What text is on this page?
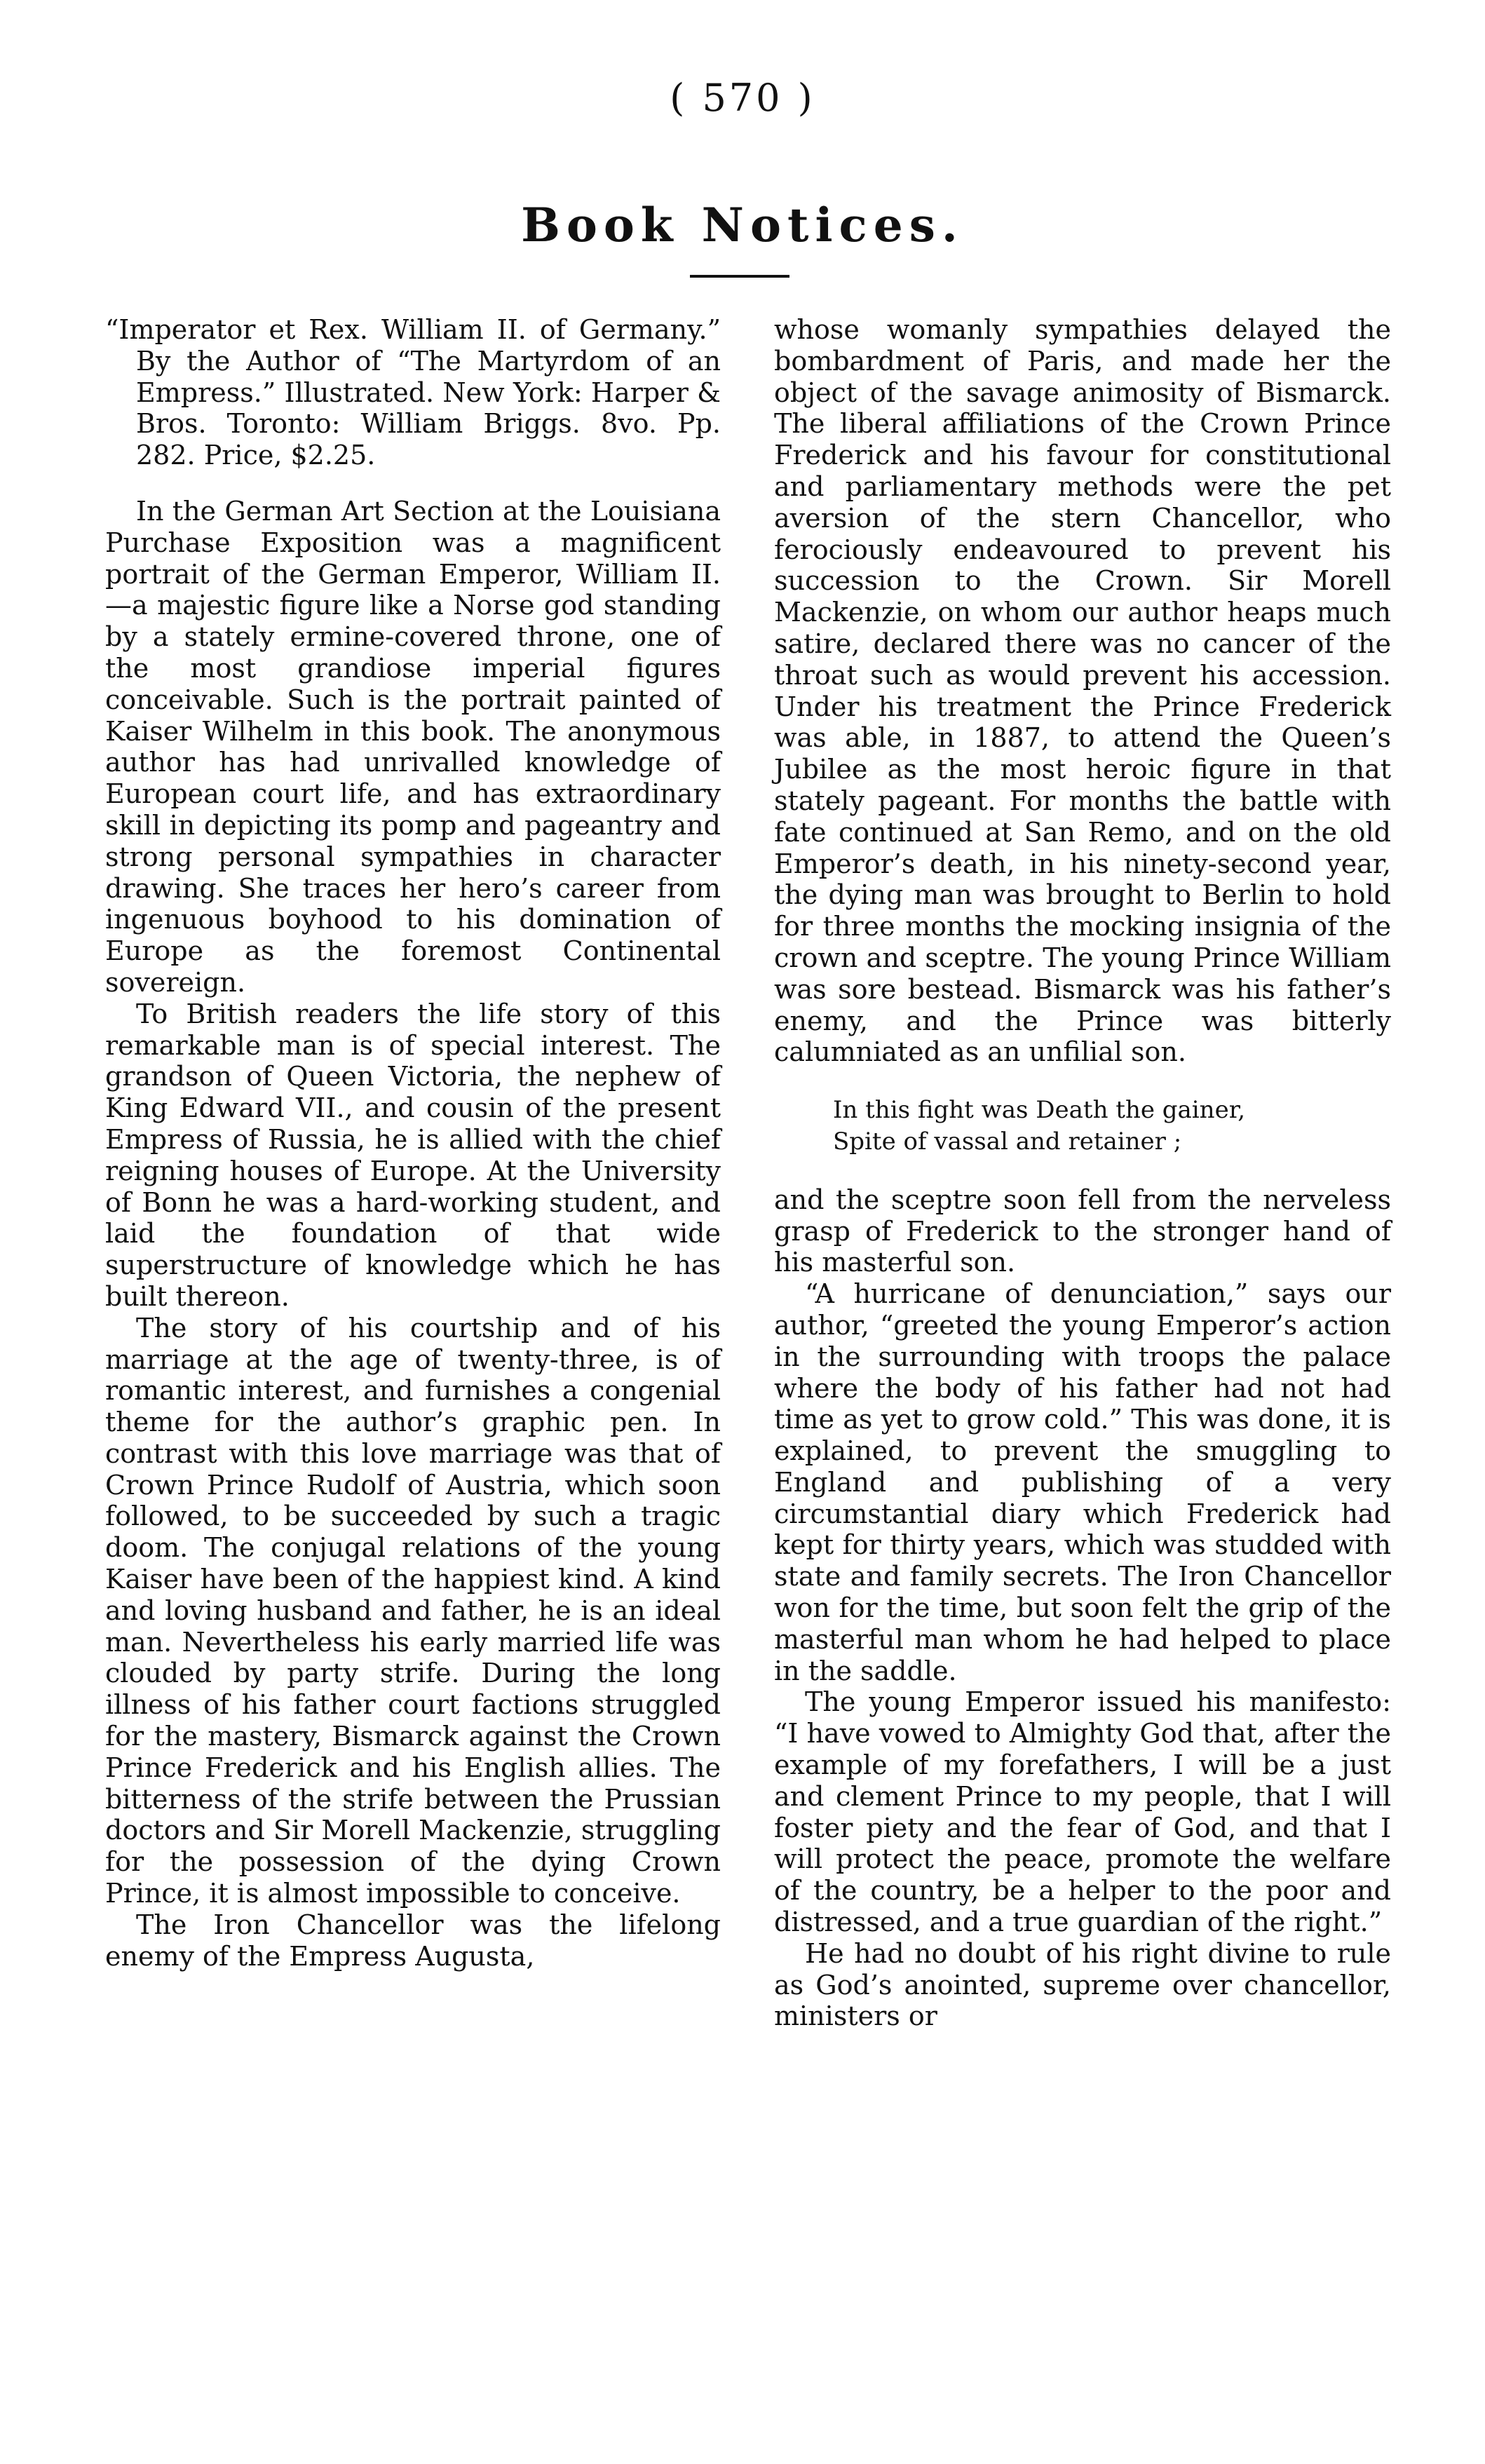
( 570 )
Book Notices.

“Imperator et Rex. William II. of Germany.” By the Author of “The Martyrdom of an Empress.” Illustrated. New York: Harper & Bros. Toronto: William Briggs. 8vo. Pp. 282. Price, $2.25.

In the German Art Section at the Louisiana Purchase Exposition was a magnificent portrait of the German Emperor, William II.—a majestic figure like a Norse god standing by a stately ermine-covered throne, one of the most grandiose imperial figures conceivable. Such is the portrait painted of Kaiser Wilhelm in this book. The anonymous author has had unrivalled knowledge of European court life, and has extraordinary skill in depicting its pomp and pageantry and strong personal sympathies in character drawing. She traces her hero’s career from ingenuous boyhood to his domination of Europe as the foremost Continental sovereign.

To British readers the life story of this remarkable man is of special interest. The grandson of Queen Victoria, the nephew of King Edward VII., and cousin of the present Empress of Russia, he is allied with the chief reigning houses of Europe. At the University of Bonn he was a hard-working student, and laid the foundation of that wide superstructure of knowledge which he has built thereon.

The story of his courtship and of his marriage at the age of twenty-three, is of romantic interest, and furnishes a congenial theme for the author’s graphic pen. In contrast with this love marriage was that of Crown Prince Rudolf of Austria, which soon followed, to be succeeded by such a tragic doom. The conjugal relations of the young Kaiser have been of the happiest kind. A kind and loving husband and father, he is an ideal man. Nevertheless his early married life was clouded by party strife. During the long illness of his father court factions struggled for the mastery, Bismarck against the Crown Prince Frederick and his English allies. The bitterness of the strife between the Prussian doctors and Sir Morell Mackenzie, struggling for the possession of the dying Crown Prince, it is almost impossible to conceive.

The Iron Chancellor was the lifelong enemy of the Empress Augusta,

whose womanly sympathies delayed the bombardment of Paris, and made her the object of the savage animosity of Bismarck. The liberal affiliations of the Crown Prince Frederick and his favour for constitutional and parliamentary methods were the pet aversion of the stern Chancellor, who ferociously endeavoured to prevent his succession to the Crown. Sir Morell Mackenzie, on whom our author heaps much satire, declared there was no cancer of the throat such as would prevent his accession. Under his treatment the Prince Frederick was able, in 1887, to attend the Queen’s Jubilee as the most heroic figure in that stately pageant. For months the battle with fate continued at San Remo, and on the old Emperor’s death, in his ninety-second year, the dying man was brought to Berlin to hold for three months the mocking insignia of the crown and sceptre. The young Prince William was sore bestead. Bismarck was his father’s enemy, and the Prince was bitterly calumniated as an unfilial son.

In this fight was Death the gainer,
Spite of vassal and retainer ;

and the sceptre soon fell from the nerveless grasp of Frederick to the stronger hand of his masterful son.

“A hurricane of denunciation,” says our author, “greeted the young Emperor’s action in the surrounding with troops the palace where the body of his father had not had time as yet to grow cold.” This was done, it is explained, to prevent the smuggling to England and publishing of a very circumstantial diary which Frederick had kept for thirty years, which was studded with state and family secrets. The Iron Chancellor won for the time, but soon felt the grip of the masterful man whom he had helped to place in the saddle.

The young Emperor issued his manifesto: “I have vowed to Almighty God that, after the example of my forefathers, I will be a just and clement Prince to my people, that I will foster piety and the fear of God, and that I will protect the peace, promote the welfare of the country, be a helper to the poor and distressed, and a true guardian of the right.”

He had no doubt of his right divine to rule as God’s anointed, supreme over chancellor, ministers or
